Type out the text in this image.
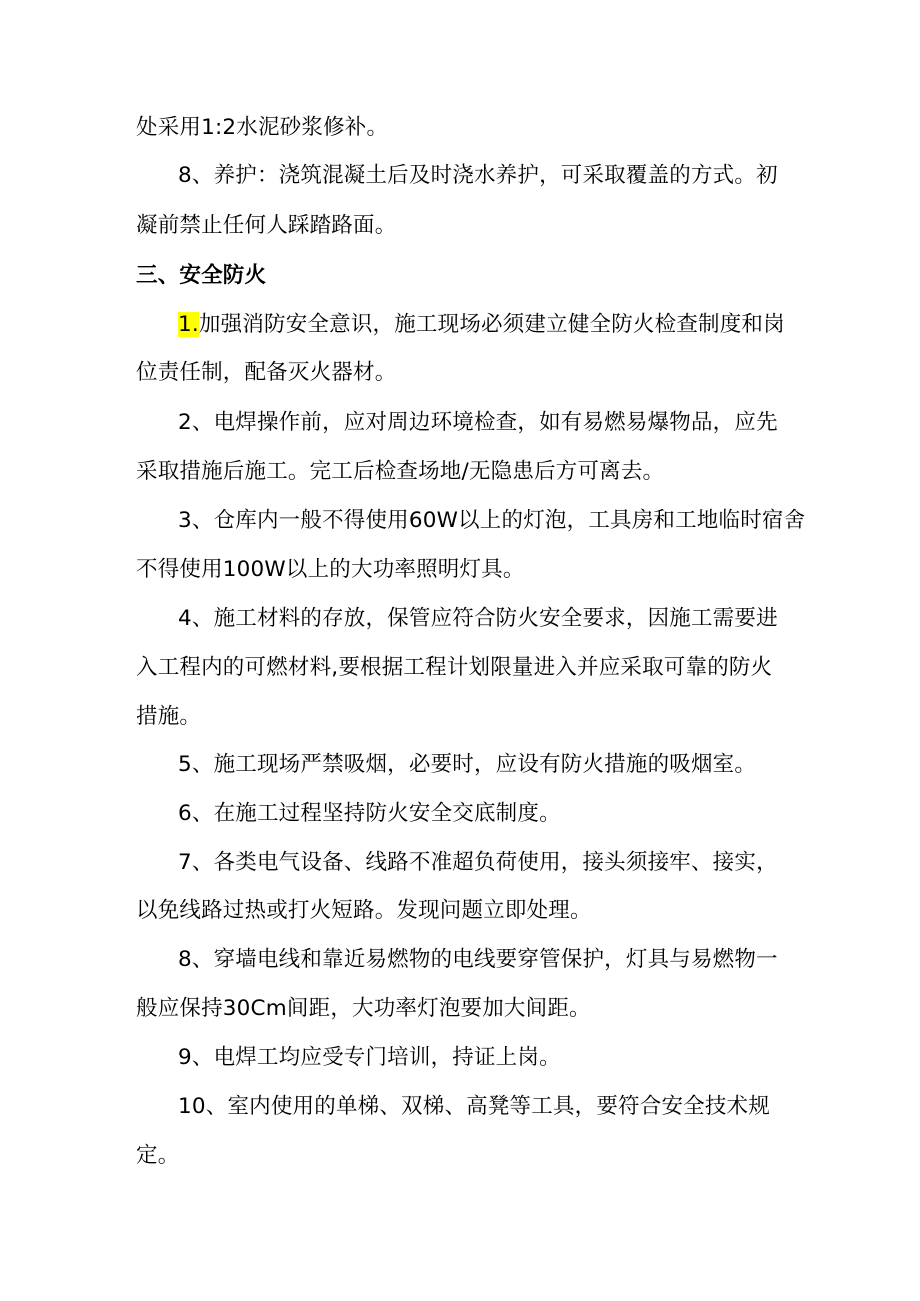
处采用1:2水泥砂浆修补。
8、养护：浇筑混凝土后及时浇水养护，可采取覆盖的方式。初
凝前禁止任何人踩踏路面。
三、安全防火
1.加强消防安全意识，施工现场必须建立健全防火检查制度和岗
位责任制，配备灭火器材。
2、电焊操作前，应对周边环境检查，如有易燃易爆物品，应先
采取措施后施工。完工后检查场地/无隐患后方可离去。
3、仓库内一般不得使用60W以上的灯泡，工具房和工地临时宿舍
不得使用100W以上的大功率照明灯具。
4、施工材料的存放，保管应符合防火安全要求，因施工需要进
入工程内的可燃材料,要根据工程计划限量进入并应采取可靠的防火
措施。
5、施工现场严禁吸烟，必要时，应设有防火措施的吸烟室。
6、在施工过程坚持防火安全交底制度。
7、各类电气设备、线路不准超负荷使用，接头须接牢、接实，
以免线路过热或打火短路。发现问题立即处理。
8、穿墙电线和靠近易燃物的电线要穿管保护，灯具与易燃物一
般应保持30Cm间距，大功率灯泡要加大间距。
9、电焊工均应受专门培训，持证上岗。
10、室内使用的单梯、双梯、高凳等工具，要符合安全技术规
定。
